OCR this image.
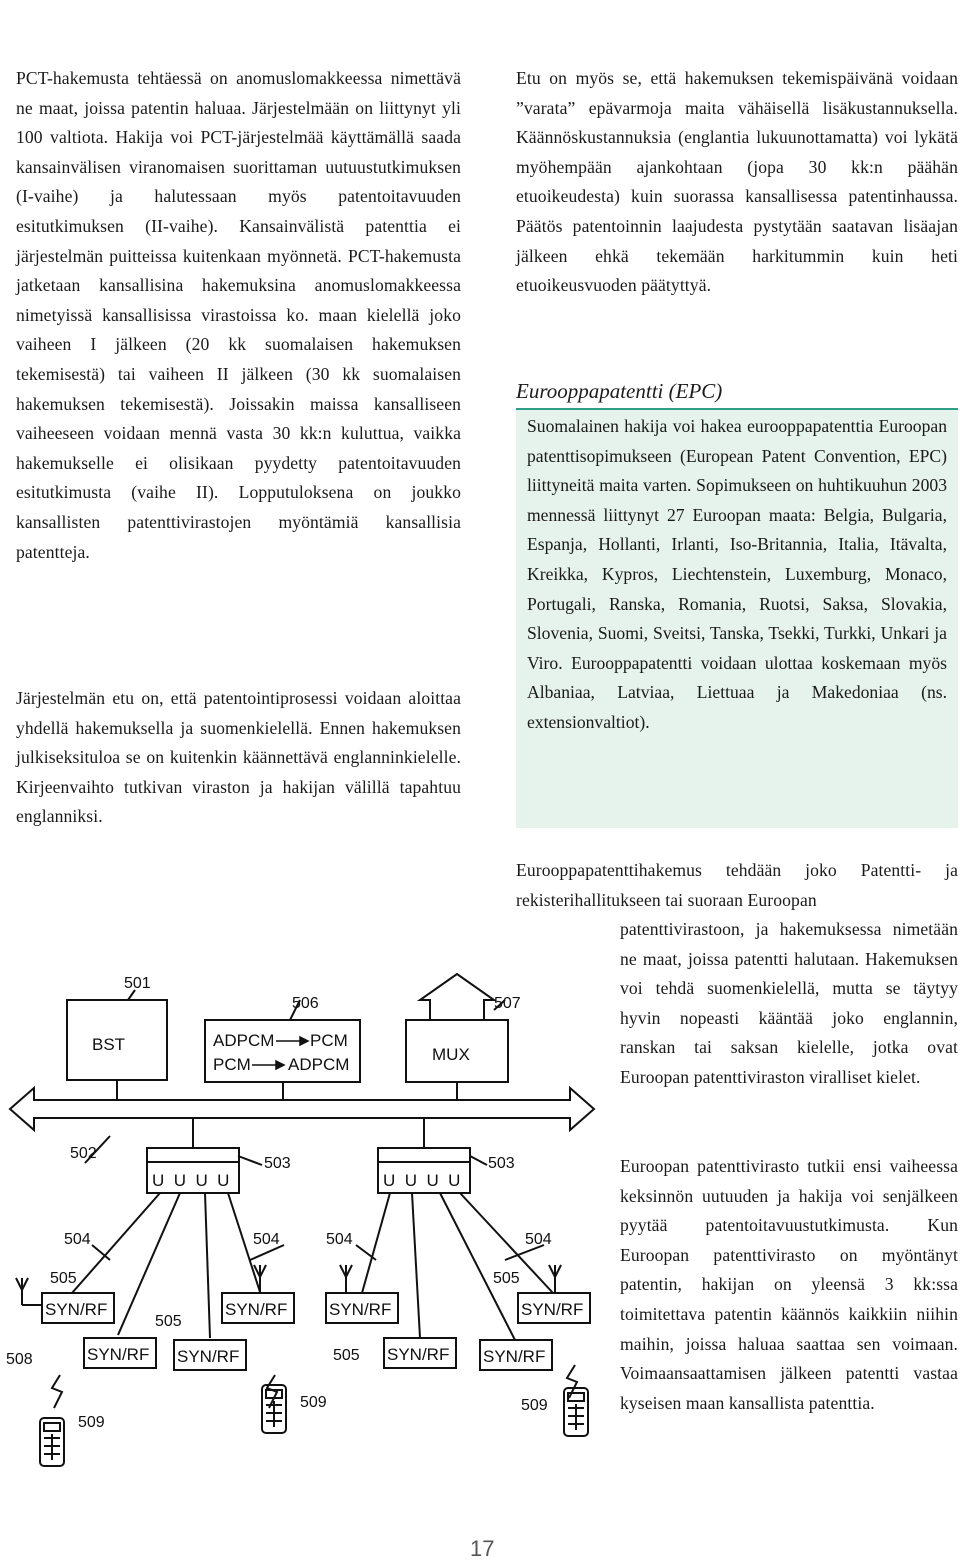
PCT-hakemusta tehtäessä on anomuslomakkeessa nimettävä ne maat, joissa patentin haluaa. Järjestelmään on liittynyt yli 100 valtiota. Hakija voi PCT-järjestelmää käyttämällä saada kansainvälisen viranomaisen suorittaman uutuustutkimuksen (I-vaihe) ja halutessaan myös patentoitavuuden esitutkimuksen (II-vaihe). Kansainvälistä patenttia ei järjestelmän puitteissa kuitenkaan myönnetä. PCT-hakemusta jatketaan kansallisina hakemuksina anomuslomakkeessa nimetyissä kansallisissa virastoissa ko. maan kielellä joko vaiheen I jälkeen (20 kk suomalaisen hakemuksen tekemisestä) tai vaiheen II jälkeen (30 kk suomalaisen hakemuksen tekemisestä). Joissakin maissa kansalliseen vaiheeseen voidaan mennä vasta 30 kk:n kuluttua, vaikka hakemukselle ei olisikaan pyydetty patentoitavuuden esitutkimusta (vaihe II). Lopputuloksena on joukko kansallisten patenttivirastojen myöntämiä kansallisia patentteja.

Järjestelmän etu on, että patentointiprosessi voidaan aloittaa yhdellä hakemuksella ja suomenkielellä. Ennen hakemuksen julkiseksituloa se on kuitenkin käännettävä englanninkielelle. Kirjeenvaihto tutkivan viraston ja hakijan välillä tapahtuu englanniksi.

Etu on myös se, että hakemuksen tekemispäivänä voidaan ”varata” epävarmoja maita vähäisellä lisäkustannuksella. Käännöskustannuksia (englantia lukuunottamatta) voi lykätä myöhempään ajankohtaan (jopa 30 kk:n päähän etuoikeudesta) kuin suorassa kansallisessa patentinhaussa. Päätös patentoinnin laajudesta pystytään saatavan lisäajan jälkeen ehkä tekemään harkitummin kuin heti etuoikeusvuoden päätyttyä.

Eurooppapatentti (EPC)

Suomalainen hakija voi hakea eurooppapatenttia Euroopan patenttisopimukseen (European Patent Convention, EPC) liittyneitä maita varten. Sopimukseen on huhtikuuhun 2003 mennessä liittynyt 27 Euroopan maata: Belgia, Bulgaria, Espanja, Hollanti, Irlanti, Iso-Britannia, Italia, Itävalta, Kreikka, Kypros, Liechtenstein, Luxemburg, Monaco, Portugali, Ranska, Romania, Ruotsi, Saksa, Slovakia, Slovenia, Suomi, Sveitsi, Tanska, Tsekki, Turkki, Unkari ja Viro. Eurooppapatentti voidaan ulottaa koskemaan myös Albaniaa, Latviaa, Liettuaa ja Makedoniaa (ns. extensionvaltiot).

Eurooppapatenttihakemus tehdään joko Patentti- ja rekisterihallitukseen tai suoraan Euroopan

patenttivirastoon, ja hakemuksessa nimetään ne maat, joissa patentti halutaan. Hakemuksen voi tehdä suomenkielellä, mutta se täytyy hyvin nopeasti kääntää joko englannin, ranskan tai saksan kielelle, jotka ovat Euroopan patenttiviraston viralliset kielet.

Euroopan patenttivirasto tutkii ensi vaiheessa keksinnön uutuuden ja hakija voi senjälkeen pyytää patentoitavuustutkimusta. Kun Euroopan patenttivirasto on myöntänyt patentin, hakijan on yleensä 3 kk:ssa toimitettava patentin käännös kaikkiin niihin maihin, joissa haluaa saattaa sen voimaan. Voimaansaattamisen jälkeen patentti vastaa kyseisen maan kansallista patenttia.

501
506	507
BST	ADPCM PCM
PCM ADPCM
MUX
502
503	503
U  U  U  U	U  U  U  U
504	504	504	504
505
505
505
505
SYN/RF
SYN/RF SYN/RF
SYN/RF SYN/RF
SYN/RF SYN/RF
SYN/RF
508
509
509	509
17
